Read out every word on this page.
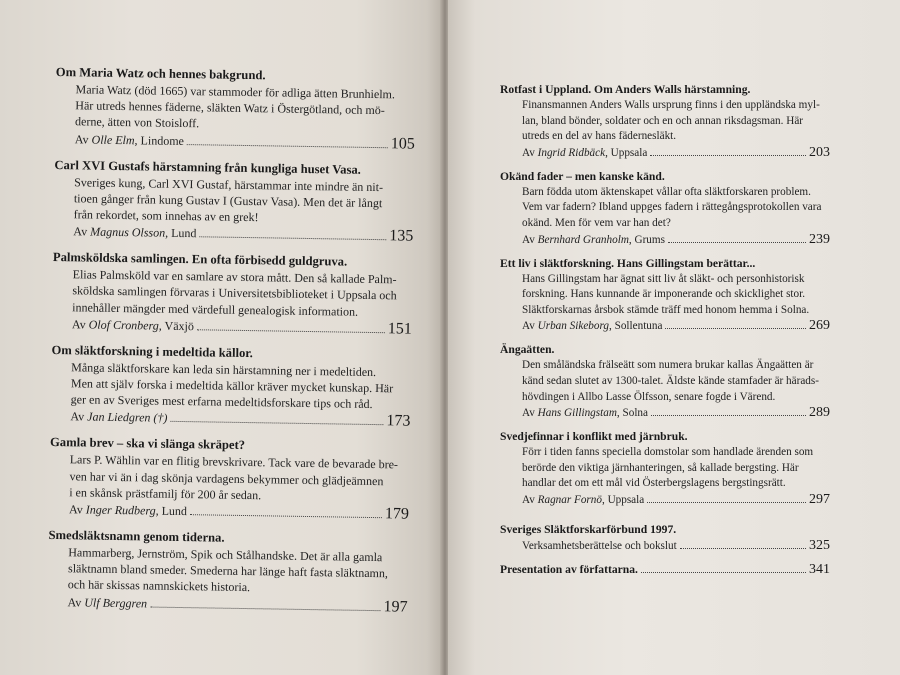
Om Maria Watz och hennes bakgrund.
Maria Watz (död 1665) var stammoder för adliga ätten Brunhielm.
Här utreds hennes fäderne, släkten Watz i Östergötland, och mö-
derne, ätten von Stoisloff.
Av
Olle Elm , Lindome	105
Carl XVI Gustafs härstamning från kungliga huset Vasa.
Sveriges kung, Carl XVI Gustaf, härstammar inte mindre än nit-
tioen gånger från kung Gustav I (Gustav Vasa). Men det är långt
från rekordet, som innehas av en grek!
Av
Magnus Olsson , Lund	135
Palmsköldska samlingen. En ofta förbisedd guldgruva.
Elias Palmsköld var en samlare av stora mått. Den så kallade Palm-
sköldska samlingen förvaras i Universitetsbiblioteket i Uppsala och
innehåller mängder med värdefull genealogisk information.
Av
Olof Cronberg , Växjö	151
Om släktforskning i medeltida källor.
Många släktforskare kan leda sin härstamning ner i medeltiden.
Men att själv forska i medeltida källor kräver mycket kunskap. Här
ger en av Sveriges mest erfarna medeltidsforskare tips och råd.
Av
Jan Liedgren (†)	173
Gamla brev – ska vi slänga skräpet?
Lars P. Wählin var en flitig brevskrivare. Tack vare de bevarade bre-
ven har vi än i dag skönja vardagens bekymmer och glädjeämnen
i en skånsk prästfamilj för 200 år sedan.
Av
Inger Rudberg , Lund	179
Smedsläktsnamn genom tiderna.
Hammarberg, Jernström, Spik och Stålhandske. Det är alla gamla
släktnamn bland smeder. Smederna har länge haft fasta släktnamn,
och här skissas namnskickets historia.
Av
Ulf Berggren	197
Rotfast i Uppland. Om Anders Walls härstamning.
Finansmannen Anders Walls ursprung finns i den uppländska myl-
lan, bland bönder, soldater och en och annan riksdagsman. Här
utreds en del av hans fädernesläkt.
Av
Ingrid Ridbäck , Uppsala	203
Okänd fader – men kanske känd.
Barn födda utom äktenskapet vållar ofta släktforskaren problem.
Vem var fadern? Ibland uppges fadern i rättegångsprotokollen vara
okänd. Men för vem var han det?
Av
Bernhard Granholm , Grums	239
Ett liv i släktforskning. Hans Gillingstam berättar...
Hans Gillingstam har ägnat sitt liv åt släkt- och personhistorisk
forskning. Hans kunnande är imponerande och skicklighet stor.
Släktforskarnas årsbok stämde träff med honom hemma i Solna.
Av
Urban Sikeborg , Sollentuna	269
Ängaätten.
Den småländska frälseätt som numera brukar kallas Ängaätten är
känd sedan slutet av 1300-talet. Äldste kände stamfader är härads-
hövdingen i Allbo Lasse Ölfsson, senare fogde i Värend.
Av
Hans Gillingstam , Solna	289
Svedjefinnar i konflikt med järnbruk.
Förr i tiden fanns speciella domstolar som handlade ärenden som
berörde den viktiga järnhanteringen, så kallade bergsting. Här
handlar det om ett mål vid Österbergslagens bergstingsrätt.
Av
Ragnar Fornö , Uppsala	297
Sveriges Släktforskarförbund 1997.
Verksamhetsberättelse och bokslut	325
Presentation av författarna.	341
